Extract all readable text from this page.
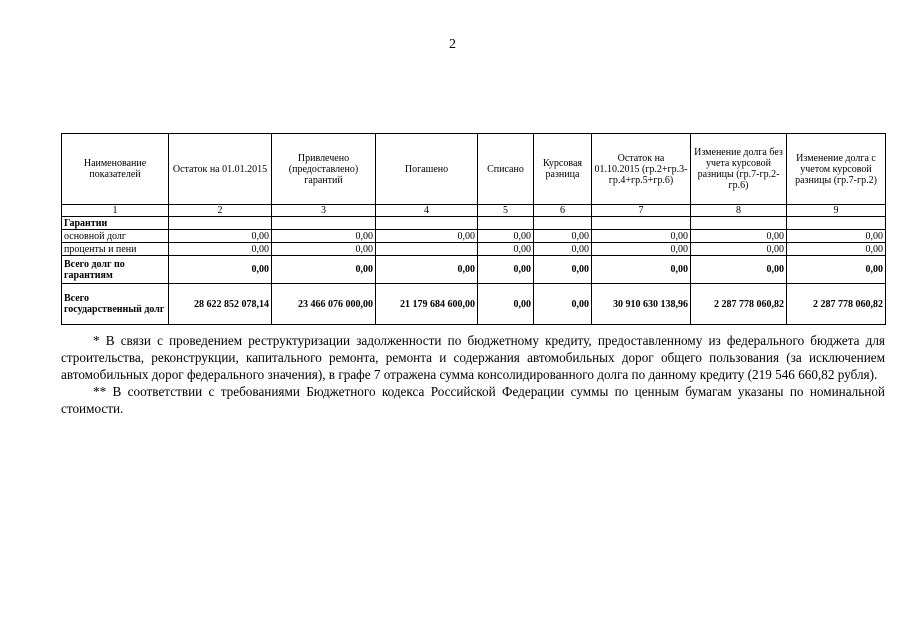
2
Наименование показателей	Остаток на 01.01.2015	Привлечено (предоставлено) гарантий	Погашено	Списано	Курсовая разница	Остаток на 01.10.2015 (гр.2+гр.3-гр.4+гр.5+гр.6)	Изменение долга без учета курсовой разницы (гр.7-гр.2-гр.6)	Изменение долга с учетом курсовой разницы (гр.7-гр.2)
1	2	3	4	5	6	7	8	9
Гарантии								
основной долг	0,00	0,00	0,00	0,00	0,00	0,00	0,00	0,00
проценты и пени	0,00	0,00		0,00	0,00	0,00	0,00	0,00
Всего долг по гарантиям	0,00	0,00	0,00	0,00	0,00	0,00	0,00	0,00
Всего государственный долг	28 622 852 078,14	23 466 076 000,00	21 179 684 600,00	0,00	0,00	30 910 630 138,96	2 287 778 060,82	2 287 778 060,82

* В связи с проведением реструктуризации задолженности по бюджетному кредиту, предоставленному из федерального бюджета для строительства, реконструкции, капитального ремонта, ремонта и содержания автомобильных дорог общего пользования (за исключением автомобильных дорог федерального значения), в графе 7 отражена сумма консолидированного долга по данному кредиту (219 546 660,82 рубля).

** В соответствии с требованиями Бюджетного кодекса Российской Федерации суммы по ценным бумагам указаны по номинальной стоимости.
